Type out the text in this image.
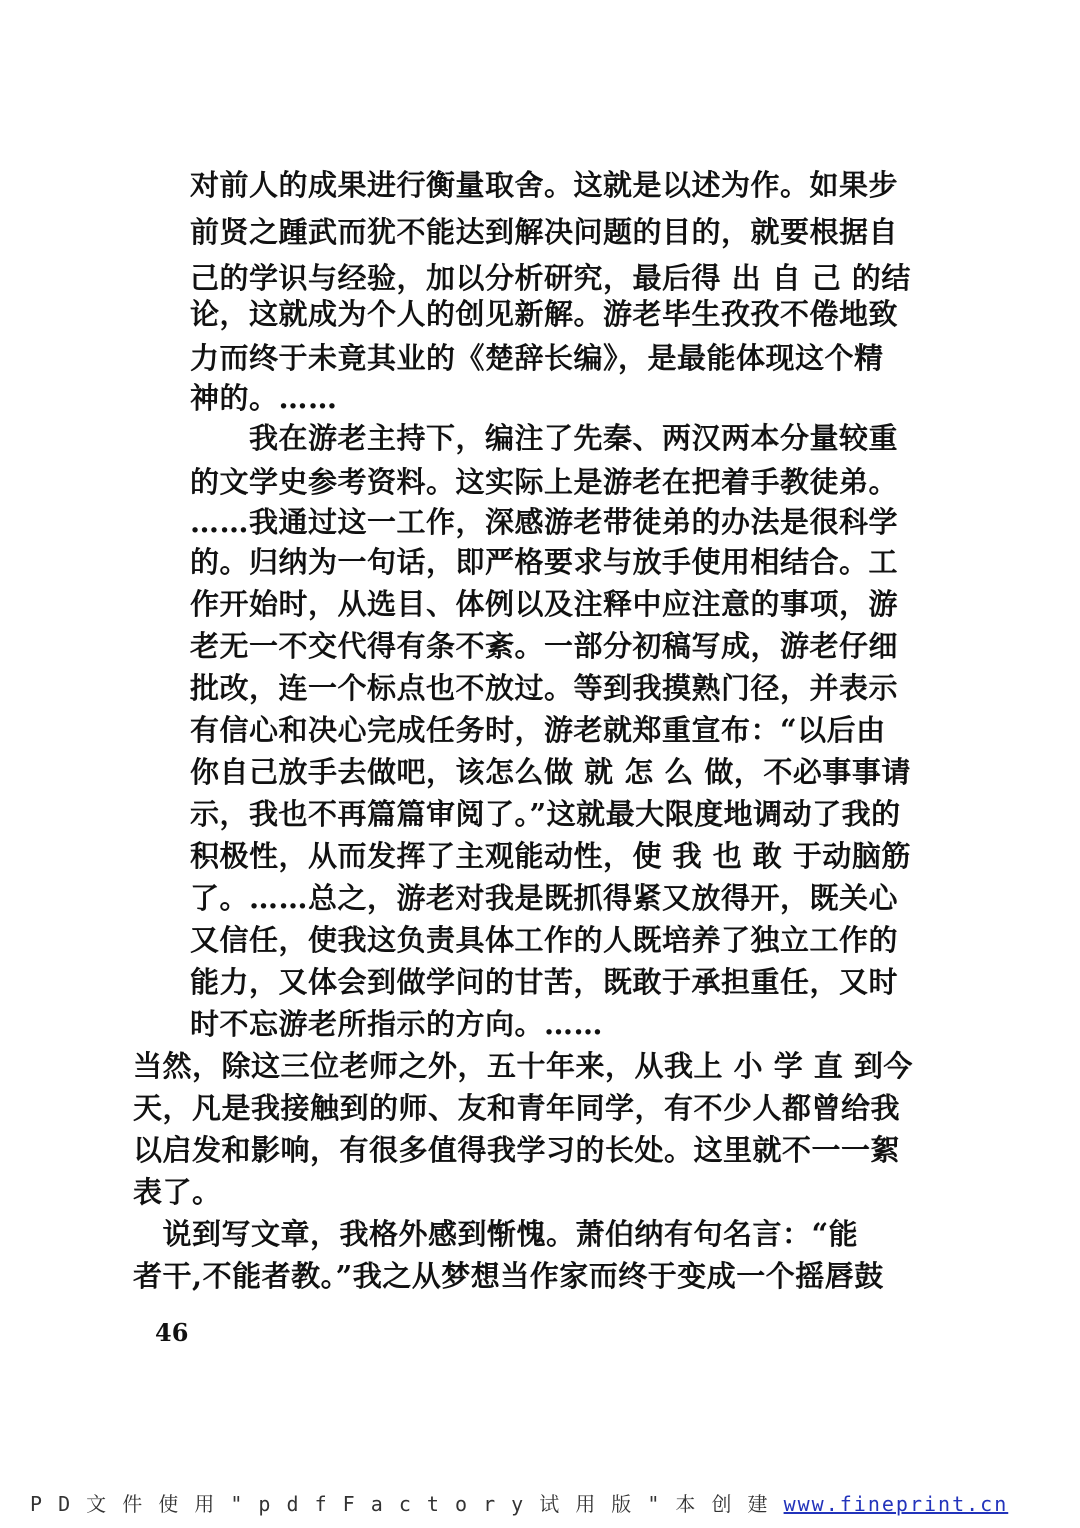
对前人的成果进行衡量取舍。这就是以述为作。如果步
前贤之踵武而犹不能达到解决问题的目的，就要根据自
己的学识与经验，加以分析研究，最后得 出 自 己 的结
论，这就成为个人的创见新解。游老毕生孜孜不倦地致
力而终于未竟其业的《楚辞长编》，是最能体现这个精
神的。……
　　我在游老主持下，编注了先秦、两汉两本分量较重
的文学史参考资料。这实际上是游老在把着手教徒弟。
……我通过这一工作，深感游老带徒弟的办法是很科学
的。归纳为一句话，即严格要求与放手使用相结合。工
作开始时，从选目、体例以及注释中应注意的事项，游
老无一不交代得有条不紊。一部分初稿写成，游老仔细
批改，连一个标点也不放过。等到我摸熟门径，并表示
有信心和决心完成任务时，游老就郑重宣布：“以后由
你自己放手去做吧，该怎么做 就 怎 么 做，不必事事请
示，我也不再篇篇审阅了。”这就最大限度地调动了我的
积极性，从而发挥了主观能动性，使 我 也 敢 于动脑筋
了。……总之，游老对我是既抓得紧又放得开，既关心
又信任，使我这负责具体工作的人既培养了独立工作的
能力，又体会到做学问的甘苦，既敢于承担重任，又时
时不忘游老所指示的方向。……
当然，除这三位老师之外，五十年来，从我上 小 学 直 到今
天，凡是我接触到的师、友和青年同学，有不少人都曾给我
以启发和影响，有很多值得我学习的长处。这里就不一一絮
表了。
　说到写文章，我格外感到惭愧。萧伯纳有句名言：“能
者干,不能者教。”我之从梦想当作家而终于变成一个摇唇鼓
46
P D 文 件 使 用 " p d f F a c t o r y 试 用 版 " 本 创 建 www.fineprint.cn
